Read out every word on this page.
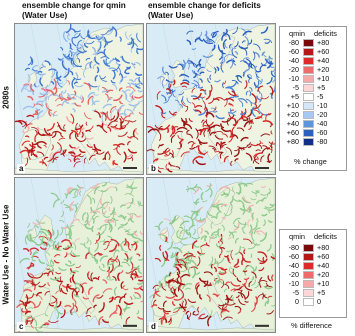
ensemble change for qmin
(Water Use)
ensemble change for deficits
(Water Use)
2080s
Water Use - No Water Use
a	b
c	d
qmin deficits
-80	+80
-60	+60
-40	+40
-20	+20
-10	+10
-5	+5
+5	-5
+10	-10
+20	-20
+40	-40
+60	-60
+80	-80
% change
qmin deficits
-80	+80
-60	+60
-40	+40
-20	+20
-10	+10
-5	+5
0	0
% difference
